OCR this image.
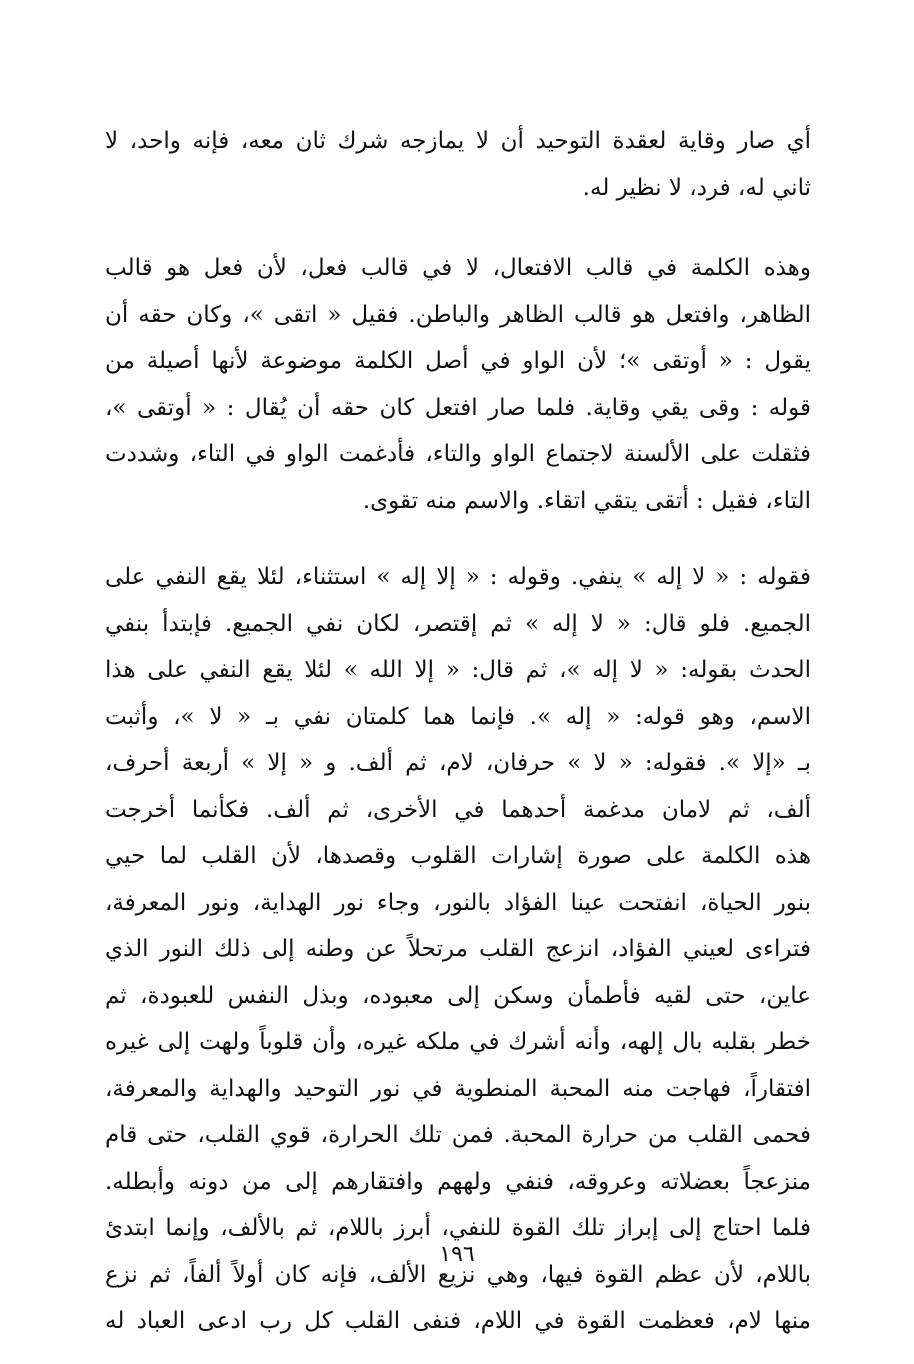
أي صار وقاية لعقدة التوحيد أن لا يمازجه شرك ثان معه، فإنه واحد، لا
ثاني له، فرد، لا نظير له.
وهذه الكلمة في قالب الافتعال، لا في قالب فعل، لأن فعل هو قالب
الظاهر، وافتعل هو قالب الظاهر والباطن. فقيل « اتقى »، وكان حقه أن
يقول : « أوتقى »؛ لأن الواو في أصل الكلمة موضوعة لأنها أصيلة من
قوله : وقى يقي وقاية. فلما صار افتعل كان حقه أن يُقال : « أوتقى »،
فثقلت على الألسنة لاجتماع الواو والتاء، فأدغمت الواو في التاء، وشددت
التاء، فقيل : أتقى يتقي اتقاء. والاسم منه تقوى.
فقوله : « لا إله » ينفي. وقوله : « إلا إله » استثناء، لئلا يقع النفي على
الجميع. فلو قال: « لا إله » ثم إقتصر، لكان نفي الجميع. فإبتدأ بنفي
الحدث بقوله: « لا إله »، ثم قال: « إلا الله » لئلا يقع النفي على هذا
الاسم، وهو قوله: « إله ». فإنما هما كلمتان نفي بـ « لا »، وأثبت
بـ «إلا ». فقوله: « لا » حرفان، لام، ثم ألف. و « إلا » أربعة أحرف،
ألف، ثم لامان مدغمة أحدهما في الأخرى، ثم ألف. فكأنما أخرجت
هذه الكلمة على صورة إشارات القلوب وقصدها، لأن القلب لما حيي
بنور الحياة، انفتحت عينا الفؤاد بالنور، وجاء نور الهداية، ونور المعرفة،
فتراءى لعيني الفؤاد، انزعج القلب مرتحلاً عن وطنه إلى ذلك النور الذي
عاين، حتى لقيه فأطمأن وسكن إلى معبوده، وبذل النفس للعبودة، ثم
خطر بقلبه بال إلهه، وأنه أشرك في ملكه غيره، وأن قلوباً ولهت إلى غيره
افتقاراً، فهاجت منه المحبة المنطوية في نور التوحيد والهداية والمعرفة،
فحمى القلب من حرارة المحبة. فمن تلك الحرارة، قوي القلب، حتى قام
منزعجاً بعضلاته وعروقه، فنفي ولههم وافتقارهم إلى من دونه وأبطله.
فلما احتاج إلى إبراز تلك القوة للنفي، أبرز باللام، ثم بالألف، وإنما ابتدئ
باللام، لأن عظم القوة فيها، وهي نزيع الألف، فإنه كان أولاً ألفاً، ثم نزع
منها لام، فعظمت القوة في اللام، فنفى القلب كل رب ادعى العباد له
١٩٦
